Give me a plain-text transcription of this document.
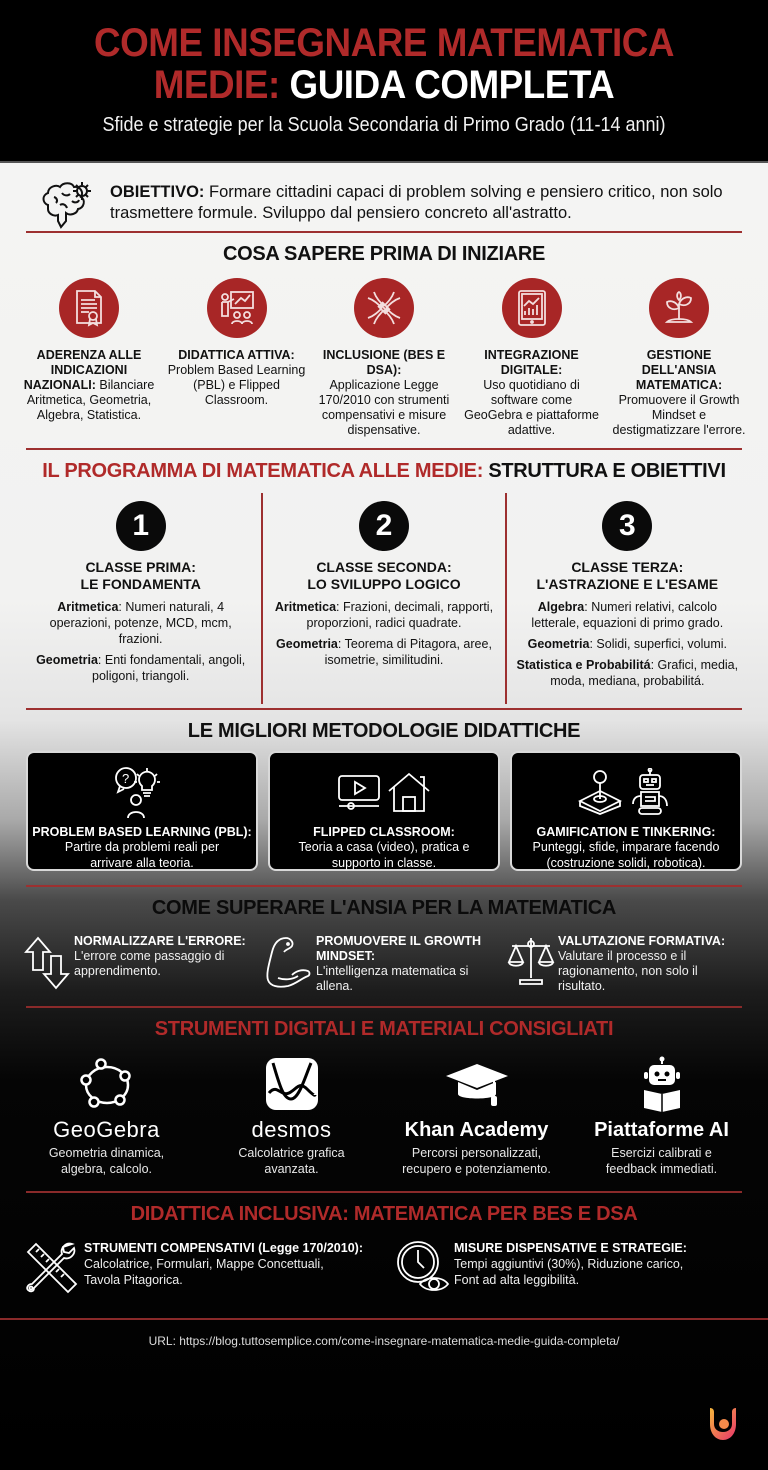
COME INSEGNARE MATEMATICA
MEDIE: GUIDA COMPLETA
Sfide e strategie per la Scuola Secondaria di Primo Grado (11-14 anni)
OBIETTIVO: Formare cittadini capaci di problem solving e pensiero critico, non solo trasmettere formule. Sviluppo dal pensiero concreto all'astratto.
COSA SAPERE PRIMA DI INIZIARE
ADERENZA ALLE INDICAZIONI NAZIONALI: Bilanciare Aritmetica, Geometria, Algebra, Statistica.
DIDATTICA ATTIVA:
Problem Based Learning (PBL) e Flipped Classroom.
INCLUSIONE (BES E DSA):
Applicazione Legge 170/2010 con strumenti compensativi e misure dispensative.
INTEGRAZIONE DIGITALE:
Uso quotidiano di software come GeoGebra e piattaforme adattive.
GESTIONE DELL'ANSIA MATEMATICA:
Promuovere il Growth Mindset e destigmatizzare l'errore.
IL PROGRAMMA DI MATEMATICA ALLE MEDIE: STRUTTURA E OBIETTIVI
1
CLASSE PRIMA:
LE FONDAMENTA

Aritmetica: Numeri naturali, 4 operazioni, potenze, MCD, mcm, frazioni.

Geometria: Enti fondamentali, angoli, poligoni, triangoli.

2
CLASSE SECONDA:
LO SVILUPPO LOGICO

Aritmetica: Frazioni, decimali, rapporti, proporzioni, radici quadrate.

Geometria: Teorema di Pitagora, aree, isometrie, similitudini.

3
CLASSE TERZA:
L'ASTRAZIONE E L'ESAME

Algebra: Numeri relativi, calcolo letterale, equazioni di primo grado.

Geometria: Solidi, superfici, volumi.

Statistica e Probabilitá: Grafici, media, moda, mediana, probabilitá.

LE MIGLIORI METODOLOGIE DIDATTICHE
?
PROBLEM BASED LEARNING (PBL):
Partire da problemi reali per
arrivare alla teoria.
FLIPPED CLASSROOM:
Teoria a casa (video), pratica e
supporto in classe.
GAMIFICATION E TINKERING:
Punteggi, sfide, imparare facendo
(costruzione solidi, robotica).
COME SUPERARE L'ANSIA PER LA MATEMATICA
NORMALIZZARE L'ERRORE:
L'errore come passaggio di apprendimento.
PROMUOVERE IL GROWTH MINDSET:
L'intelligenza matematica si allena.
VALUTAZIONE FORMATIVA:
Valutare il processo e il ragionamento, non solo il risultato.
STRUMENTI DIGITALI E MATERIALI CONSIGLIATI
GeoGebra
Geometria dinamica,
algebra, calcolo.
desmos
Calcolatrice grafica
avanzata.
Khan Academy
Percorsi personalizzati,
recupero e potenziamento.
Piattaforme AI
Esercizi calibrati e
feedback immediati.
DIDATTICA INCLUSIVA: MATEMATICA PER BES E DSA
STRUMENTI COMPENSATIVI (Legge 170/2010):
Calcolatrice, Formulari, Mappe Concettuali,
Tavola Pitagorica.
MISURE DISPENSATIVE E STRATEGIE:
Tempi aggiuntivi (30%), Riduzione carico,
Font ad alta leggibilità.
URL: https://blog.tuttosemplice.com/come-insegnare-matematica-medie-guida-completa/
